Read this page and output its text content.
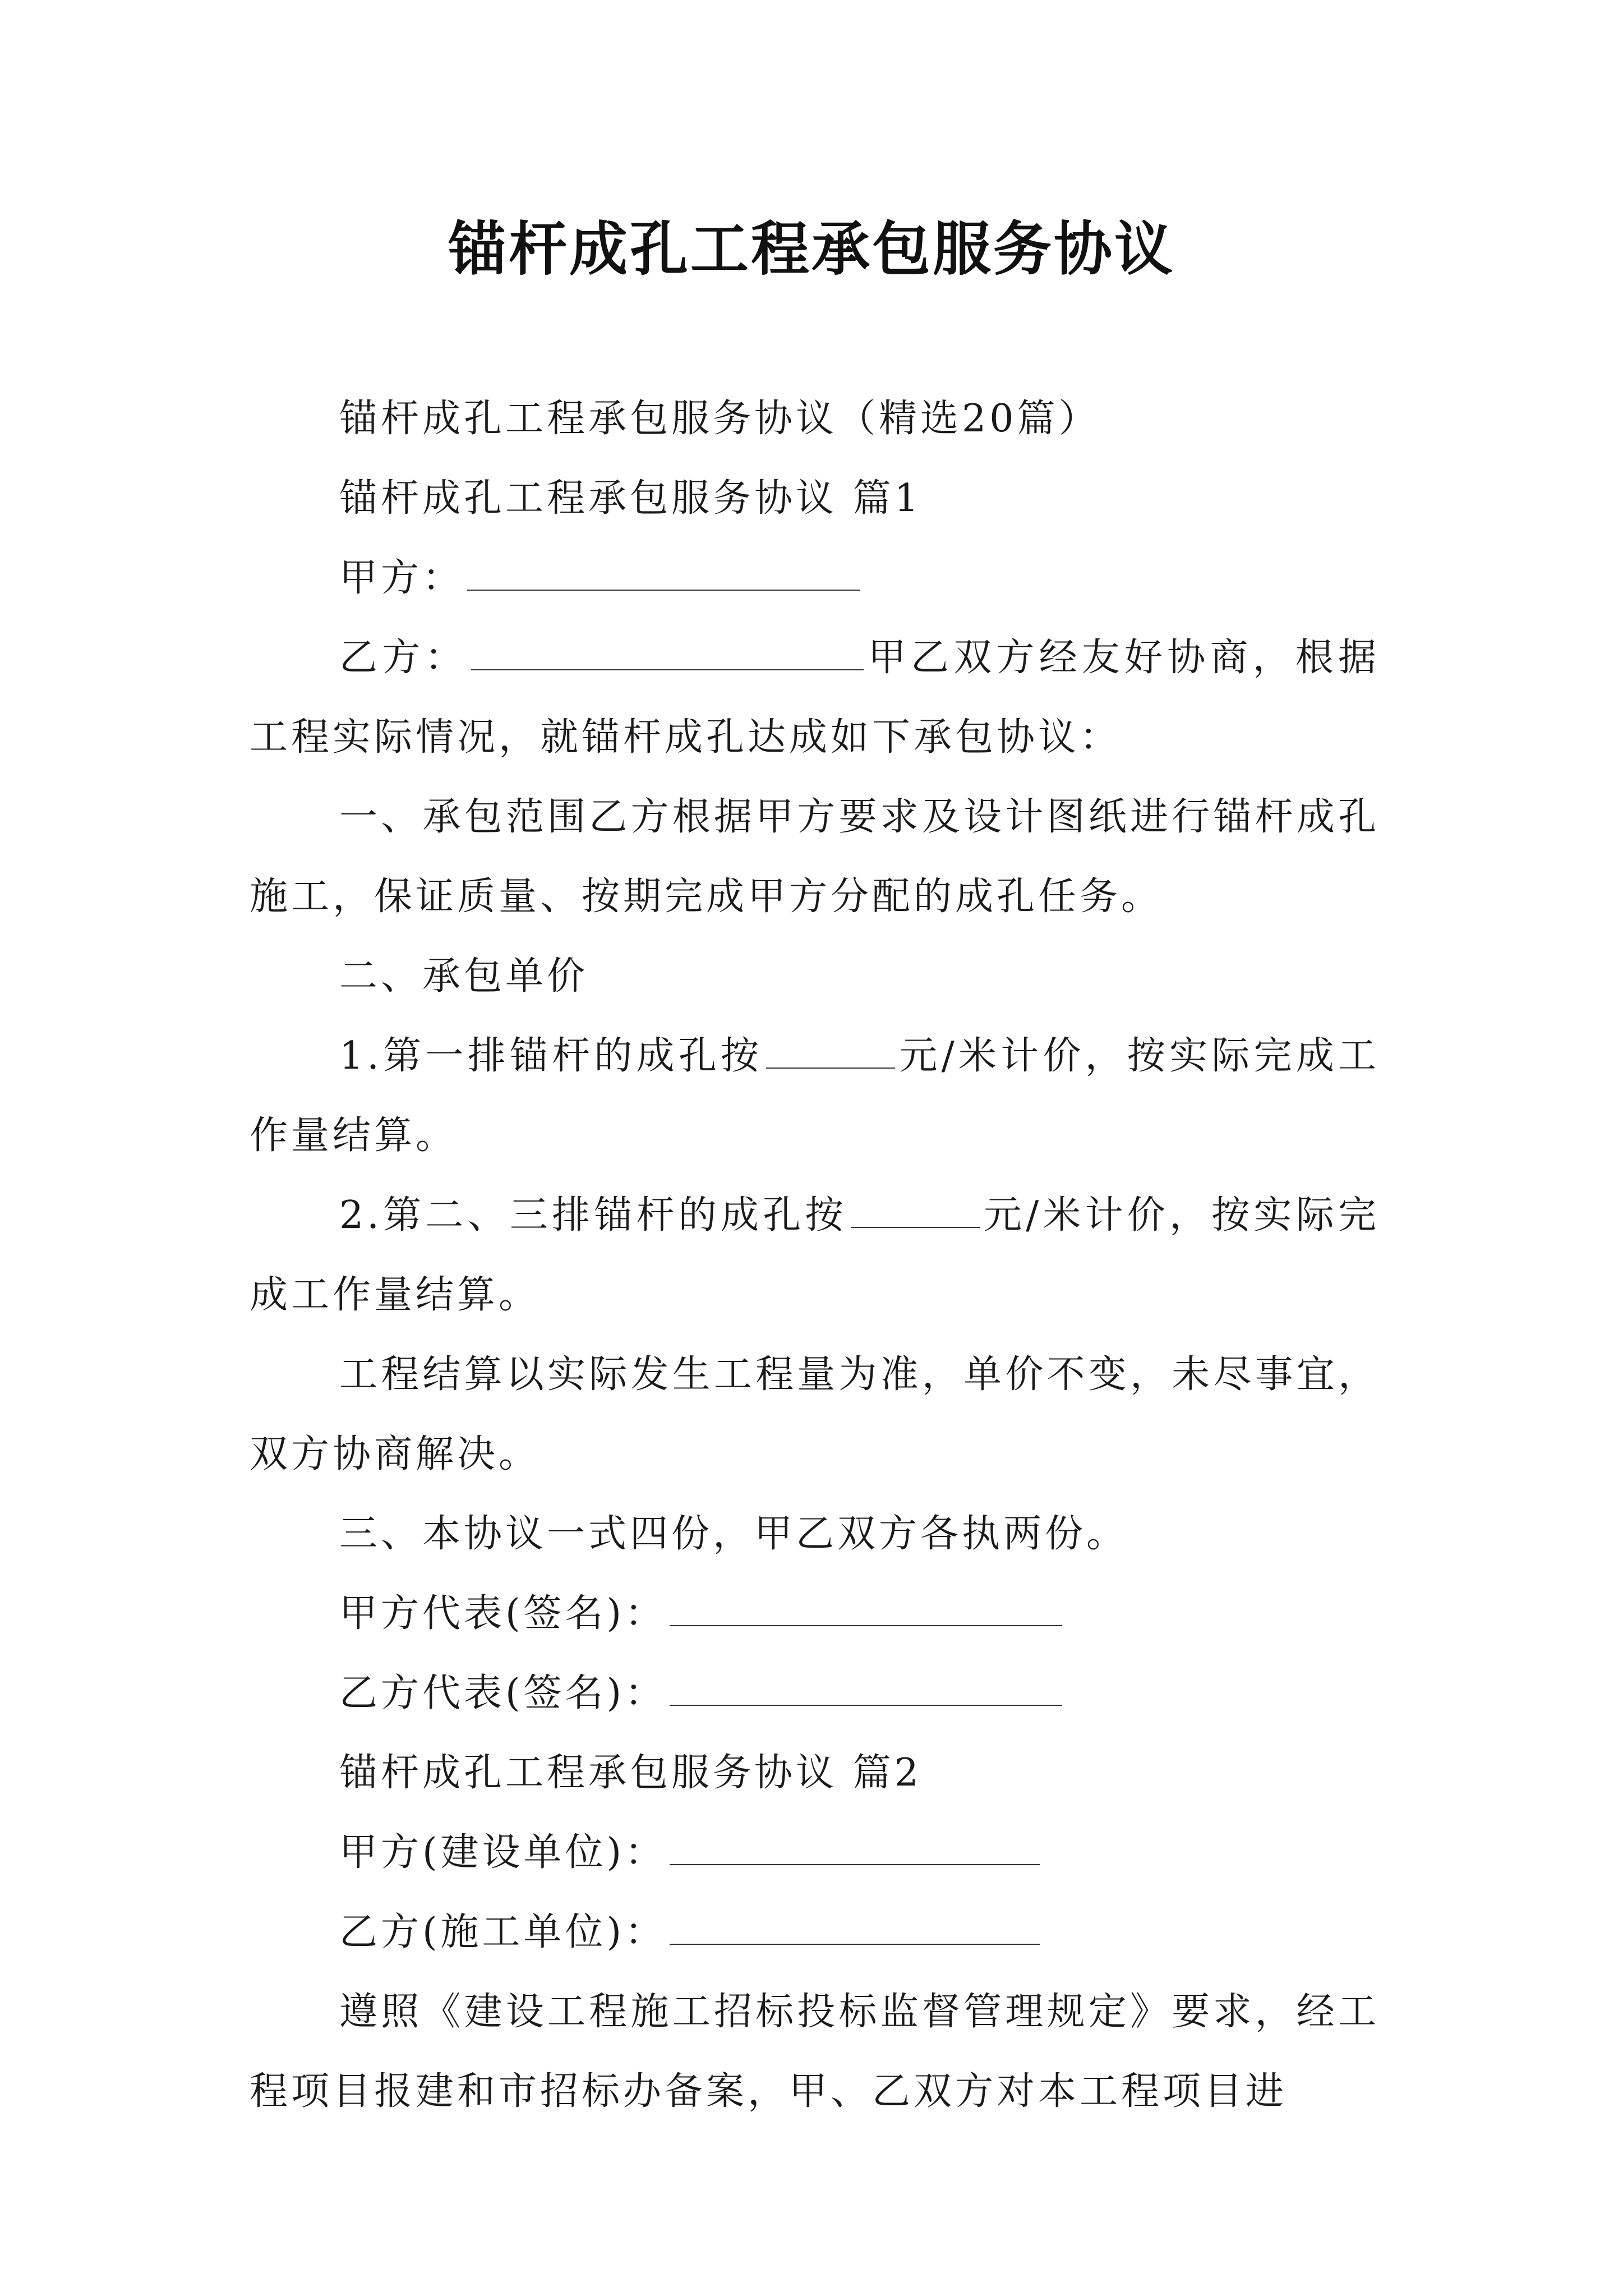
锚杆成孔工程承包服务协议

锚杆成孔工程承包服务协议（精选20篇）

锚杆成孔工程承包服务协议 篇1

甲方：

乙方：	甲乙双方经友好协商，根据工程实际情况，就锚杆成孔达成如下承包协议：

一、承包范围乙方根据甲方要求及设计图纸进行锚杆成孔施工，保证质量、按期完成甲方分配的成孔任务。

二、承包单价

1.第一排锚杆的成孔按	元/米计价，按实际完成工作量结算。

2.第二、三排锚杆的成孔按	元/米计价，按实际完成工作量结算。

工程结算以实际发生工程量为准，单价不变，未尽事宜，双方协商解决。

三、本协议一式四份，甲乙双方各执两份。

甲方代表(签名)：

乙方代表(签名)：

锚杆成孔工程承包服务协议 篇2

甲方(建设单位)：

乙方(施工单位)：

遵照《建设工程施工招标投标监督管理规定》要求，经工程项目报建和市招标办备案，甲、乙双方对本工程项目进
